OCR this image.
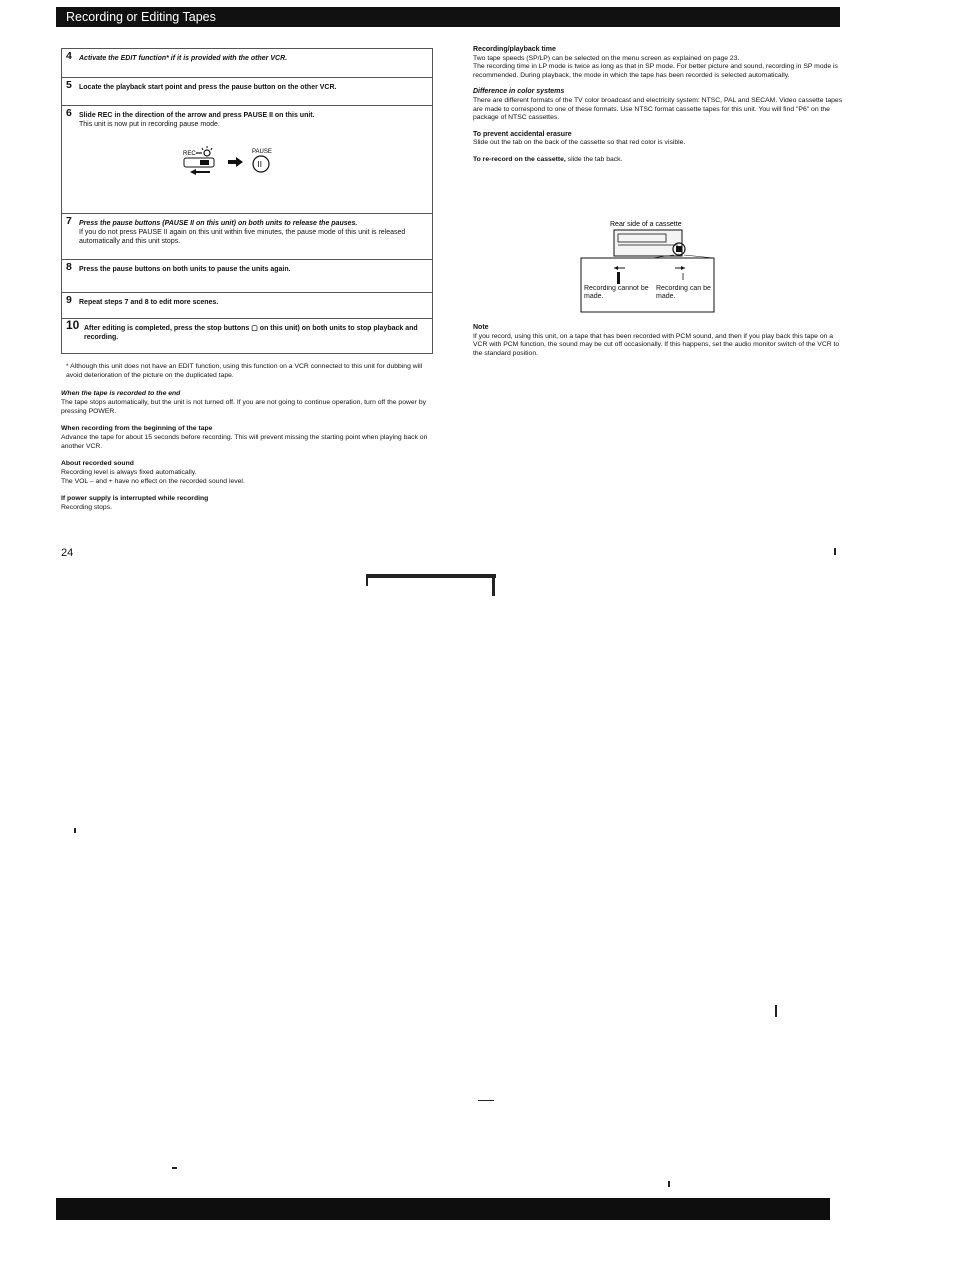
Recording or Editing Tapes
4 Activate the EDIT function* if it is provided with the other VCR.
5 Locate the playback start point and press the pause button on the other VCR.
6 Slide REC in the direction of the arrow and press PAUSE II on this unit.
This unit is now put in recording pause mode.
REC	PAUSE
II
7 Press the pause buttons (PAUSE II on this unit) on both units to release the pauses.
If you do not press PAUSE II again on this unit within five minutes, the pause mode of this unit is released automatically and this unit stops.
8 Press the pause buttons on both units to pause the units again.
9 Repeat steps 7 and 8 to edit more scenes.
10 After editing is completed, press the stop buttons ▢ on this unit) on both units to stop playback and recording.
* Although this unit does not have an EDIT function, using this function on a VCR connected to this unit for dubbing will avoid deterioration of the picture on the duplicated tape.
When the tape is recorded to the end
The tape stops automatically, but the unit is not turned off. If you are not going to continue operation, turn off the power by pressing POWER.
When recording from the beginning of the tape
Advance the tape for about 15 seconds before recording. This will prevent missing the starting point when playing back on another VCR.
About recorded sound
Recording level is always fixed automatically.
The VOL – and + have no effect on the recorded sound level.
If power supply is interrupted while recording
Recording stops.
24
Recording/playback time
Two tape speeds (SP/LP) can be selected on the menu screen as explained on page 23.
The recording time in LP mode is twice as long as that in SP mode. For better picture and sound, recording in SP mode is recommended. During playback, the mode in which the tape has been recorded is selected automatically.
Difference in color systems
There are different formats of the TV color broadcast and electricity system: NTSC, PAL and SECAM. Video cassette tapes are made to correspond to one of these formats. Use NTSC format cassette tapes for this unit. You will find "P6" on the package of NTSC cassettes.
To prevent accidental erasure
Slide out the tab on the back of the cassette so that red color is visible.
To re-record on the cassette, slide the tab back.
Rear side of a cassette
Recording cannot be made.
Recording can be made.
Note
If you record, using this unit, on a tape that has been recorded with PCM sound, and then if you play back this tape on a VCR with PCM function, the sound may be cut off occasionally. If this happens, set the audio monitor switch of the VCR to the standard position.
